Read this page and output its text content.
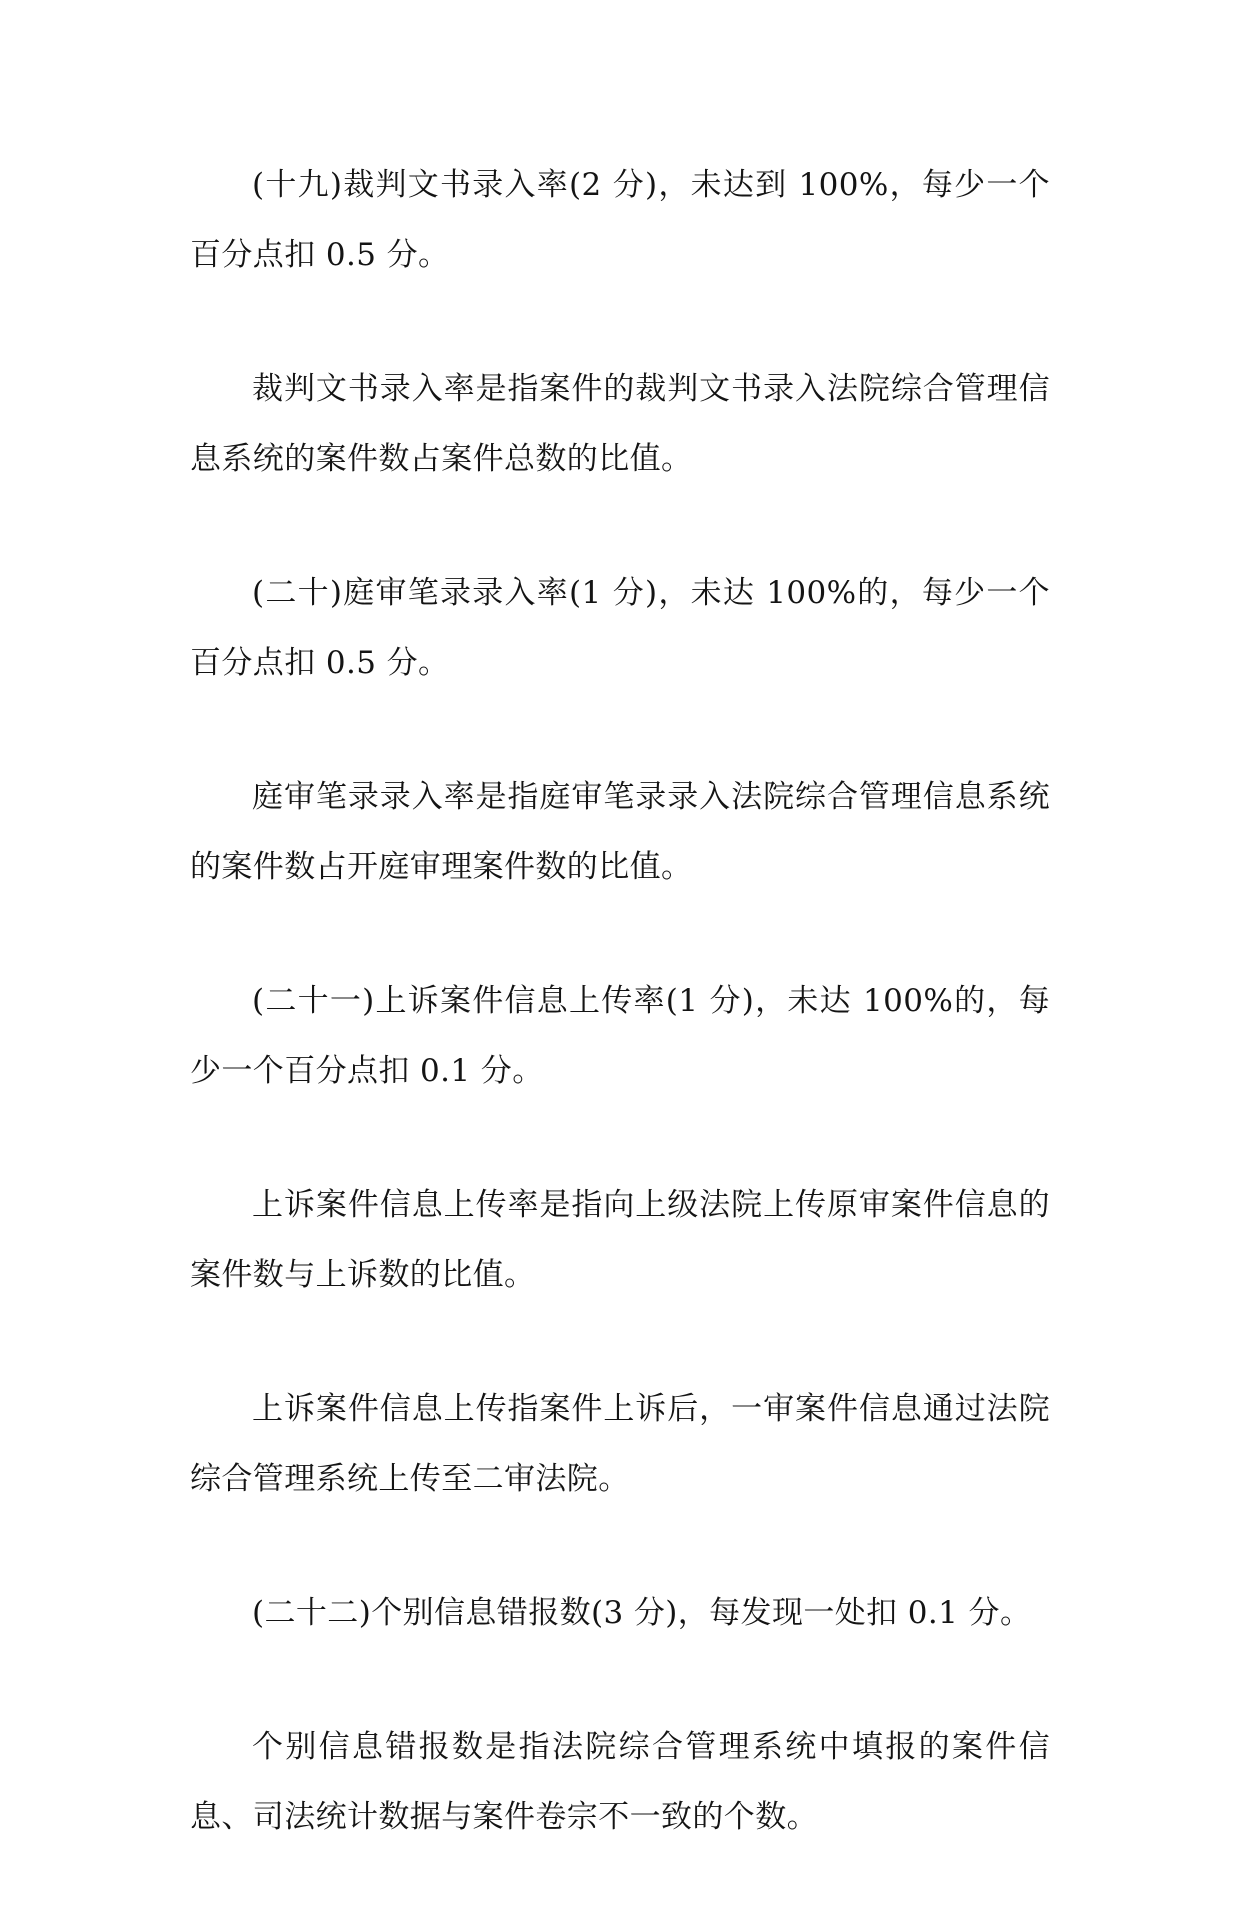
(十九)裁判文书录入率(2 分)，未达到 100%，每少一个百分点扣 0.5 分。

裁判文书录入率是指案件的裁判文书录入法院综合管理信息系统的案件数占案件总数的比值。

(二十)庭审笔录录入率(1 分)，未达 100%的，每少一个百分点扣 0.5 分。

庭审笔录录入率是指庭审笔录录入法院综合管理信息系统的案件数占开庭审理案件数的比值。

(二十一)上诉案件信息上传率(1 分)，未达 100%的，每少一个百分点扣 0.1 分。

上诉案件信息上传率是指向上级法院上传原审案件信息的案件数与上诉数的比值。

上诉案件信息上传指案件上诉后，一审案件信息通过法院综合管理系统上传至二审法院。

(二十二)个别信息错报数(3 分)，每发现一处扣 0.1 分。

个别信息错报数是指法院综合管理系统中填报的案件信息、司法统计数据与案件卷宗不一致的个数。
